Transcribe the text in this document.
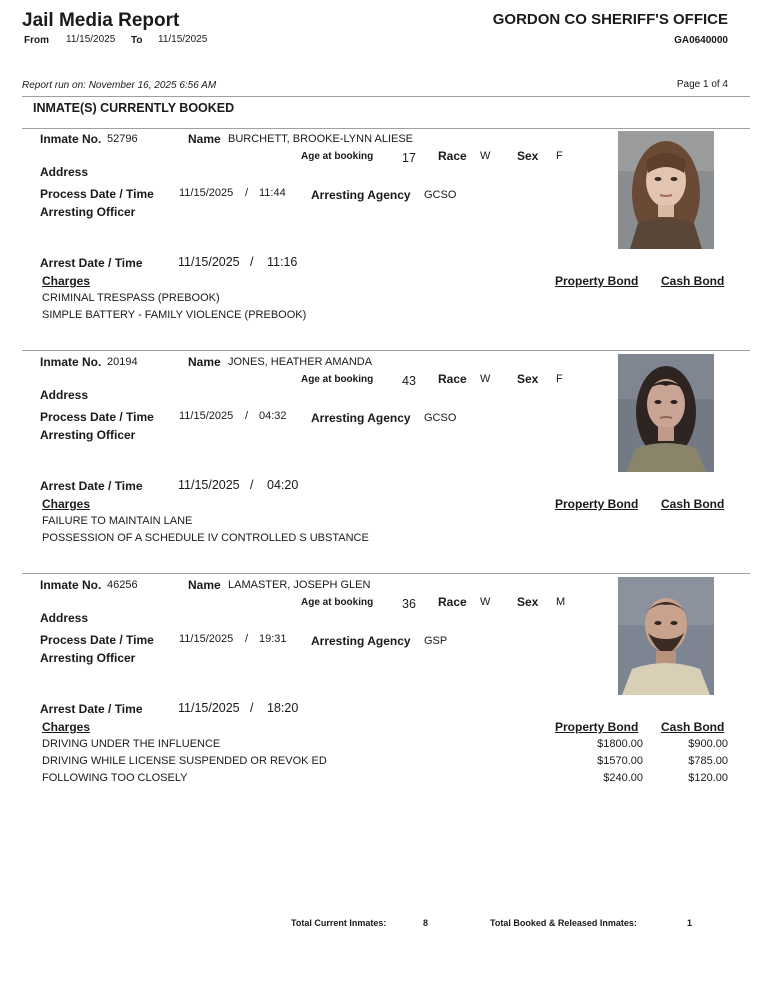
Jail Media Report	GORDON CO SHERIFF'S OFFICE
From 11/15/2025 To 11/15/2025	GA0640000
Report run on: November 16, 2025 6:56 AM	Page 1 of 4
INMATE(S) CURRENTLY BOOKED
Inmate No. 52796	Name BURCHETT, BROOKE-LYNN ALIESE
Age at booking 17 Race W Sex F
Address
Process Date / Time 11/15/2025 / 11:44 Arresting Agency GCSO
Arresting Officer
Arrest Date / Time	11/15/2025 / 11:16
Charges	Property Bond Cash Bond
CRIMINAL TRESPASS (PREBOOK)
SIMPLE BATTERY - FAMILY VIOLENCE (PREBOOK)
Inmate No. 20194	Name JONES, HEATHER AMANDA
Age at booking 43 Race W Sex F
Address
Process Date / Time 11/15/2025 / 04:32 Arresting Agency GCSO
Arresting Officer
Arrest Date / Time	11/15/2025 / 04:20
Charges	Property Bond Cash Bond
FAILURE TO MAINTAIN LANE
POSSESSION OF A SCHEDULE IV CONTROLLED S UBSTANCE
Inmate No. 46256	Name LAMASTER, JOSEPH GLEN
Age at booking 36 Race W Sex M
Address
Process Date / Time 11/15/2025 / 19:31 Arresting Agency GSP
Arresting Officer
Arrest Date / Time	11/15/2025 / 18:20
Charges	Property Bond Cash Bond
DRIVING UNDER THE INFLUENCE	$1800.00	$900.00
DRIVING WHILE LICENSE SUSPENDED OR REVOK ED	$1570.00	$785.00
FOLLOWING TOO CLOSELY	$240.00	$120.00
Total Current Inmates:	8	Total Booked & Released Inmates:	1
